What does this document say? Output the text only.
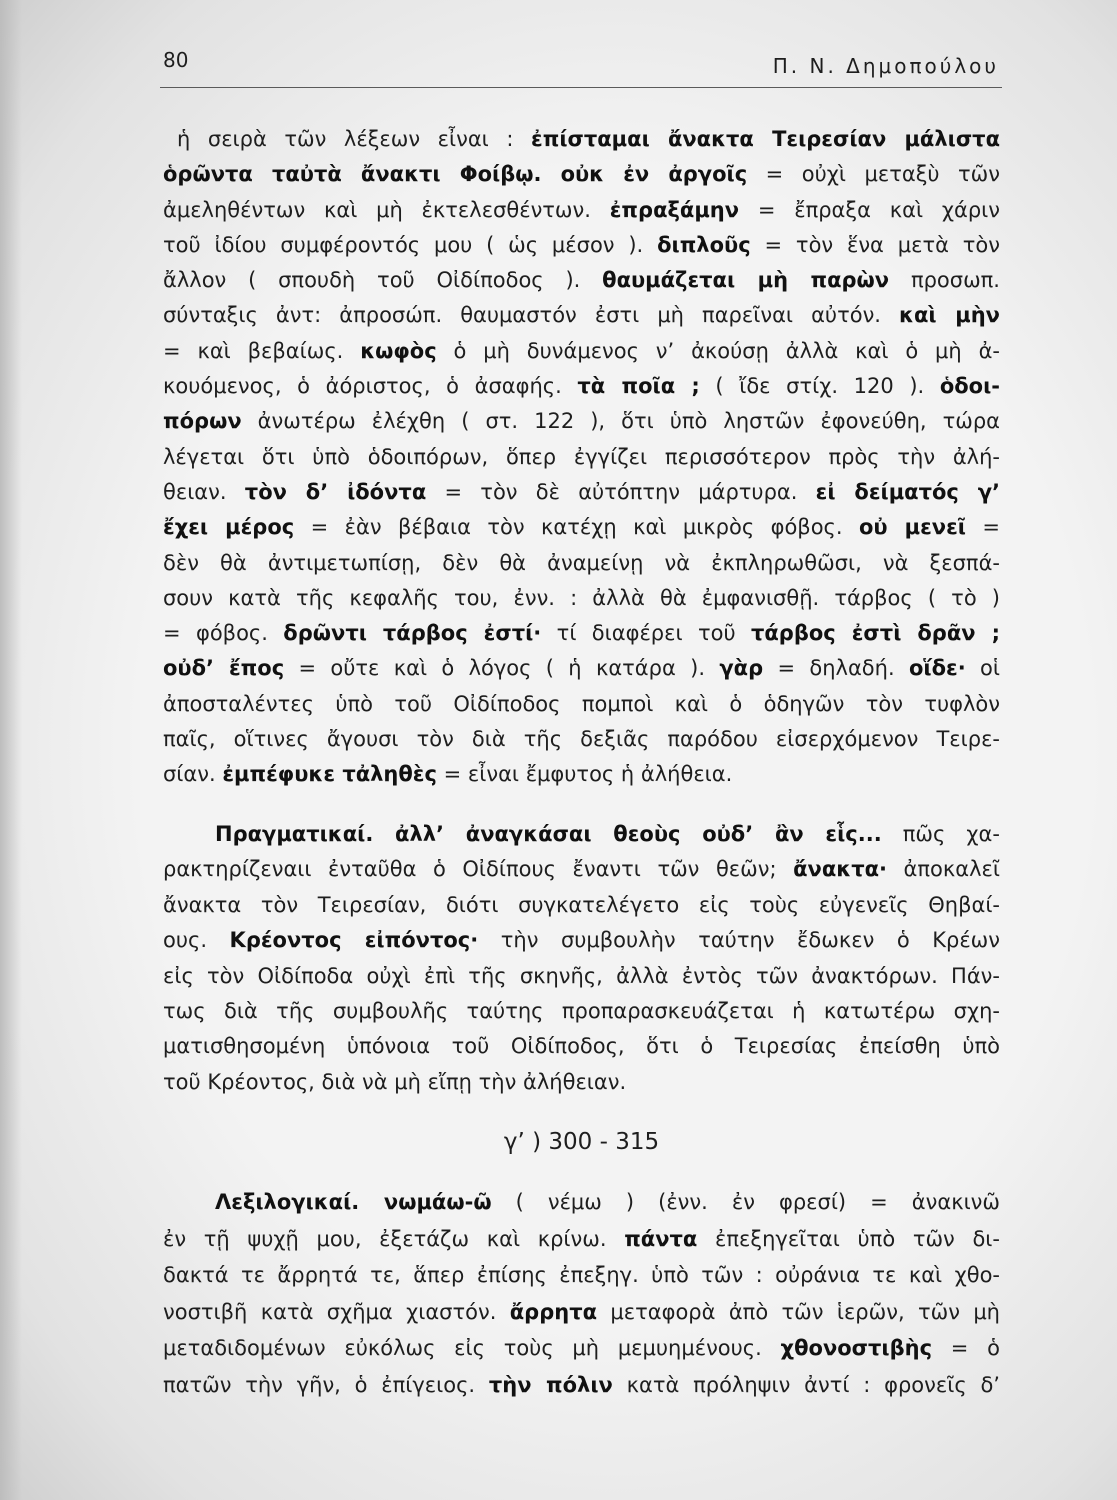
80	Π. Ν. Δημοπούλου
ἡ σειρὰ τῶν λέξεων εἶναι : ἐπίσταμαι ἄνακτα Τειρεσίαν μάλιστα
ὁρῶντα ταὐτὰ ἄνακτι Φοίβῳ. οὐκ ἐν ἀργοῖς = οὐχὶ μεταξὺ τῶν
ἀμεληθέντων καὶ μὴ ἐκτελεσθέντων. ἐπραξάμην = ἔπραξα καὶ χάριν
τοῦ ἰδίου συμφέροντός μου ( ὡς μέσον ). διπλοῦς = τὸν ἕνα μετὰ τὸν
ἄλλον ( σπουδὴ τοῦ Οἰδίποδος ). θαυμάζεται μὴ παρὼν προσωπ.
σύνταξις ἀντ: ἀπροσώπ. θαυμαστόν ἐστι μὴ παρεῖναι αὐτόν. καὶ μὴν
= καὶ βεβαίως. κωφὸς ὁ μὴ δυνάμενος ν’ ἀκούσῃ ἀλλὰ καὶ ὁ μὴ ἀ-
κουόμενος, ὁ ἀόριστος, ὁ ἀσαφής. τὰ ποῖα ; ( ἴδε στίχ. 120 ). ὁδοι-
πόρων ἀνωτέρω ἐλέχθη ( στ. 122 ), ὅτι ὑπὸ ληστῶν ἐφονεύθη, τώρα
λέγεται ὅτι ὑπὸ ὁδοιπόρων, ὅπερ ἐγγίζει περισσότερον πρὸς τὴν ἀλή-
θειαν. τὸν δ’ ἰδόντα = τὸν δὲ αὐτόπτην μάρτυρα. εἰ δείματός γ’
ἔχει μέρος = ἐὰν βέβαια τὸν κατέχῃ καὶ μικρὸς φόβος. οὐ μενεῖ =
δὲν θὰ ἀντιμετωπίσῃ, δὲν θὰ ἀναμείνῃ νὰ ἐκπληρωθῶσι, νὰ ξεσπά-
σουν κατὰ τῆς κεφαλῆς του, ἐνν. : ἀλλὰ θὰ ἐμφανισθῇ. τάρβος ( τὸ )
= φόβος. δρῶντι τάρβος ἐστί· τί διαφέρει τοῦ τάρβος ἐστὶ δρᾶν ;
οὐδ’ ἔπος = οὔτε καὶ ὁ λόγος ( ἡ κατάρα ). γὰρ = δηλαδή. οἵδε· οἱ
ἀποσταλέντες ὑπὸ τοῦ Οἰδίποδος πομποὶ καὶ ὁ ὁδηγῶν τὸν τυφλὸν
παῖς, οἵτινες ἄγουσι τὸν διὰ τῆς δεξιᾶς παρόδου εἰσερχόμενον Τειρε-
σίαν. ἐμπέφυκε τἀληθὲς = εἶναι ἔμφυτος ἡ ἀλήθεια.
Πραγματικαί. ἀλλ’ ἀναγκάσαι θεοὺς οὐδ’ ἂν εἷς... πῶς χα-
ρακτηρίζεναιι ἐνταῦθα ὁ Οἰδίπους ἔναντι τῶν θεῶν; ἄνακτα· ἀποκαλεῖ
ἄνακτα τὸν Τειρεσίαν, διότι συγκατελέγετο εἰς τοὺς εὐγενεῖς Θηβαί-
ους. Κρέοντος εἰπόντος· τὴν συμβουλὴν ταύτην ἔδωκεν ὁ Κρέων
εἰς τὸν Οἰδίποδα οὐχὶ ἐπὶ τῆς σκηνῆς, ἀλλὰ ἐντὸς τῶν ἀνακτόρων. Πάν-
τως διὰ τῆς συμβουλῆς ταύτης προπαρασκευάζεται ἡ κατωτέρω σχη-
ματισθησομένη ὑπόνοια τοῦ Οἰδίποδος, ὅτι ὁ Τειρεσίας ἐπείσθη ὑπὸ
τοῦ Κρέοντος, διὰ νὰ μὴ εἴπῃ τὴν ἀλήθειαν.
γ’ ) 300 - 315
Λεξιλογικαί. νωμάω-ῶ ( νέμω ) (ἐνν. ἐν φρεσί) = ἀνακινῶ
ἐν τῇ ψυχῇ μου, ἐξετάζω καὶ κρίνω. πάντα ἐπεξηγεῖται ὑπὸ τῶν δι-
δακτά τε ἄρρητά τε, ἅπερ ἐπίσης ἐπεξηγ. ὑπὸ τῶν : οὐράνια τε καὶ χθο-
νοστιβῆ κατὰ σχῆμα χιαστόν. ἄρρητα μεταφορὰ ἀπὸ τῶν ἱερῶν, τῶν μὴ
μεταδιδομένων εὐκόλως εἰς τοὺς μὴ μεμυημένους. χθονοστιβὴς = ὁ
πατῶν τὴν γῆν, ὁ ἐπίγειος. τὴν πόλιν κατὰ πρόληψιν ἀντί : φρονεῖς δ’
